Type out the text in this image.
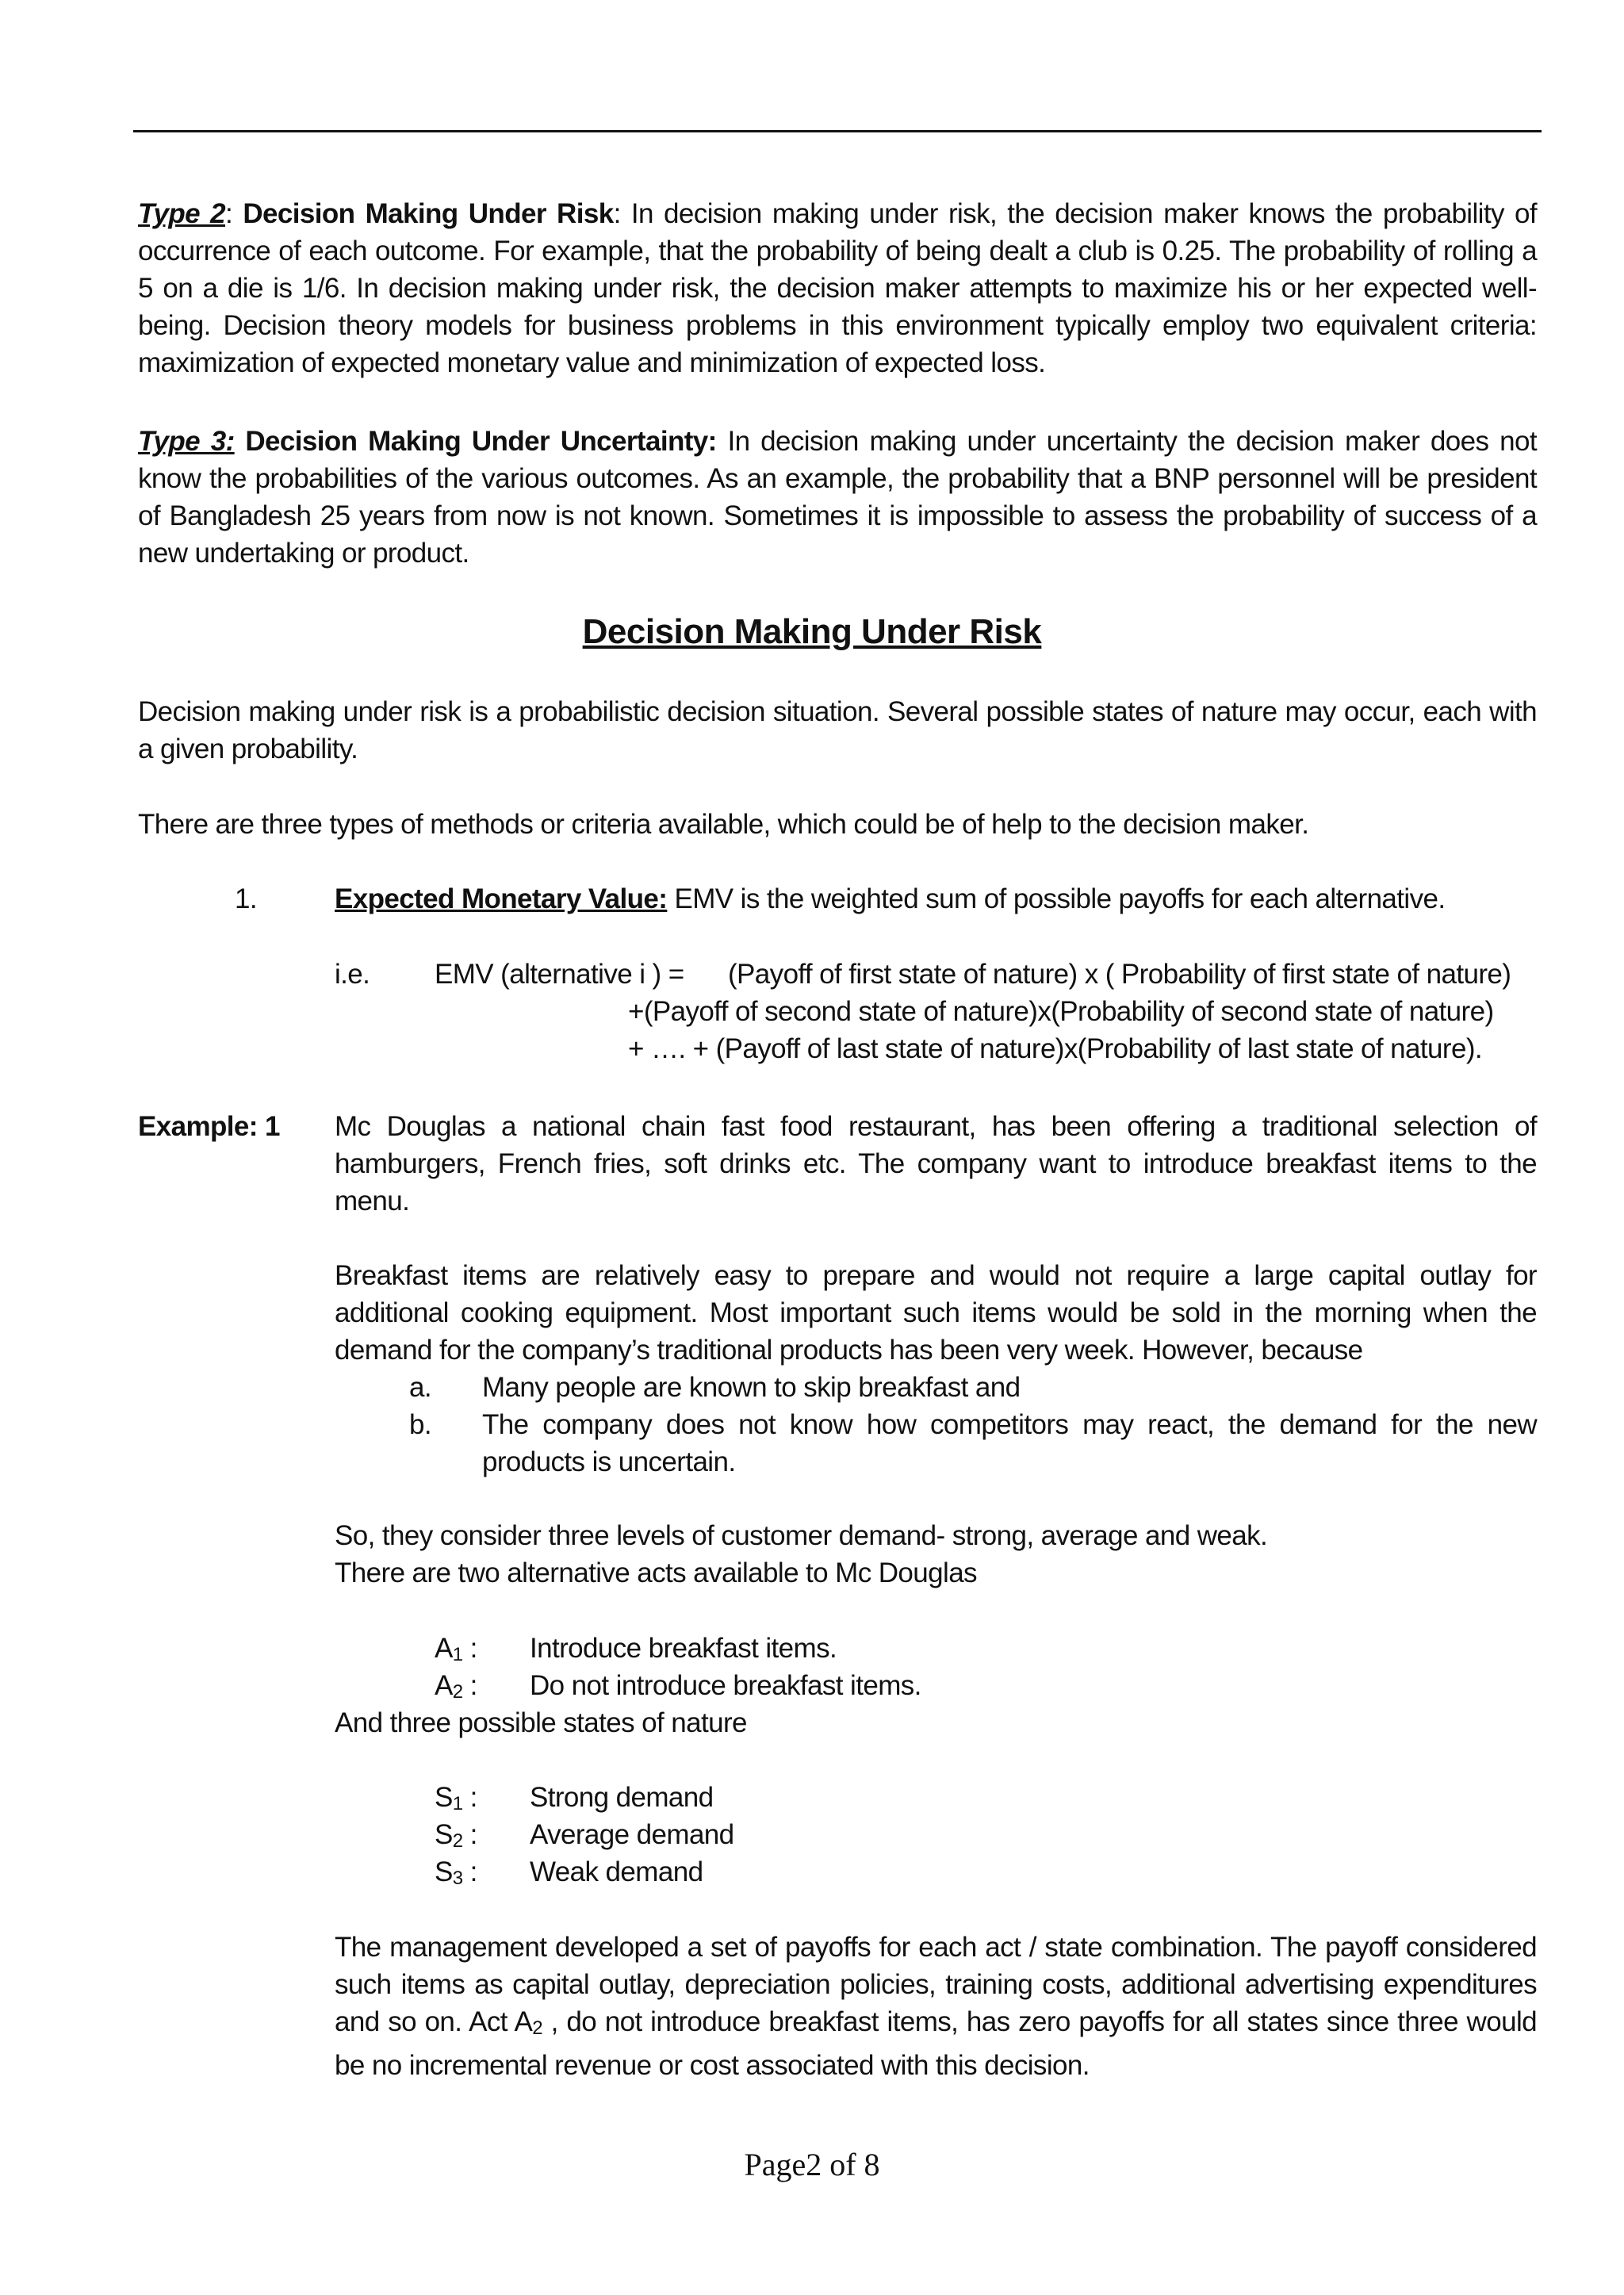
Type 2: Decision Making Under Risk: In decision making under risk, the decision maker knows the probability of occurrence of each outcome. For example, that the probability of being dealt a club is 0.25. The probability of rolling a 5 on a die is 1/6. In decision making under risk, the decision maker attempts to maximize his or her expected well-being. Decision theory models for business problems in this environment typically employ two equivalent criteria: maximization of expected monetary value and minimization of expected loss.
Type 3: Decision Making Under Uncertainty: In decision making under uncertainty the decision maker does not know the probabilities of the various outcomes. As an example, the probability that a BNP personnel will be president of Bangladesh 25 years from now is not known. Sometimes it is impossible to assess the probability of success of a new undertaking or product.
Decision Making Under Risk
Decision making under risk is a probabilistic decision situation. Several possible states of nature may occur, each with a given probability.
There are three types of methods or criteria available, which could be of help to the decision maker.
1.	Expected Monetary Value: EMV is the weighted sum of possible payoffs for each alternative.
i.e. EMV (alternative i ) = (Payoff of first state of nature) x ( Probability of first state of nature)
+(Payoff of second state of nature)x(Probability of second state of nature)
+ …. + (Payoff of last state of nature)x(Probability of last state of nature).
Example: 1 Mc Douglas a national chain fast food restaurant, has been offering a traditional selection of hamburgers, French fries, soft drinks etc. The company want to introduce breakfast items to the menu.
Breakfast items are relatively easy to prepare and would not require a large capital outlay for additional cooking equipment. Most important such items would be sold in the morning when the demand for the company’s traditional products has been very week. However, because
a. Many people are known to skip breakfast and
b. The company does not know how competitors may react, the demand for the new products is uncertain.
So, they consider three levels of customer demand- strong, average and weak.
There are two alternative acts available to Mc Douglas
$A_1$ : Introduce breakfast items.
$A_2$ : Do not introduce breakfast items.
And three possible states of nature
$S_1$ : Strong demand
$S_2$ : Average demand
$S_3$ : Weak demand
The management developed a set of payoffs for each act / state combination. The payoff considered such items as capital outlay, depreciation policies, training costs, additional advertising expenditures and so on. Act $A_2$ , do not introduce breakfast items, has zero payoffs for all states since three would be no incremental revenue or cost associated with this decision.
Page2 of 8
